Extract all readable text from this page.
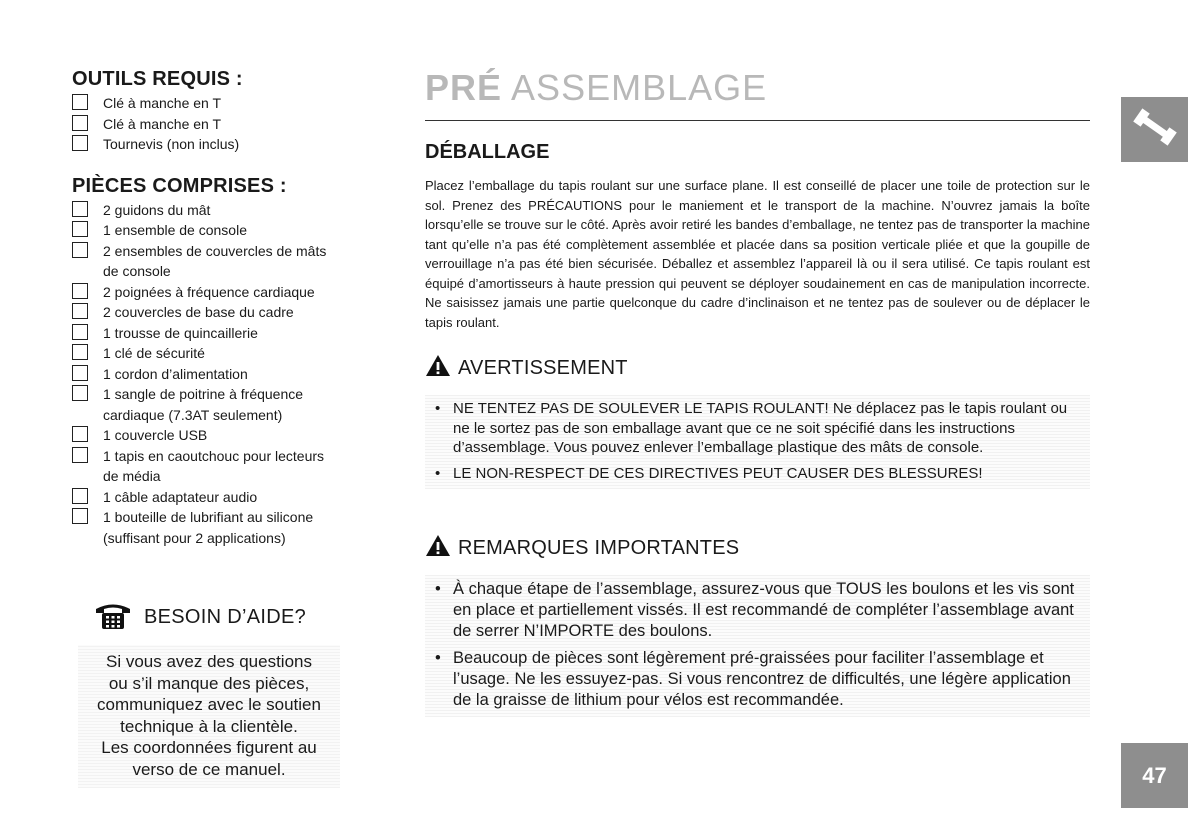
OUTILS REQUIS :
Clé à manche en T
Clé à manche en T
Tournevis (non inclus)
PIÈCES COMPRISES :
2 guidons du mât
1 ensemble de console
2 ensembles de couvercles de mâts
de console
2 poignées à fréquence cardiaque
2 couvercles de base du cadre
1 trousse de quincaillerie
1 clé de sécurité
1 cordon d’alimentation
1 sangle de poitrine à fréquence
cardiaque (7.3AT seulement)
1 couvercle USB
1 tapis en caoutchouc pour lecteurs
de média
1 câble adaptateur audio
1 bouteille de lubrifiant au silicone
(suffisant pour 2 applications)
BESOIN D’AIDE?
Si vous avez des questions
ou s’il manque des pièces,
communiquez avec le soutien
technique à la clientèle.
Les coordonnées figurent au
verso de ce manuel.
PRÉ ASSEMBLAGE
DÉBALLAGE
Placez l’emballage du tapis roulant sur une surface plane. Il est conseillé de placer une toile de protection sur le sol. Prenez des PRÉCAUTIONS pour le maniement et le transport de la machine. N’ouvrez jamais la boîte lorsqu’elle se trouve sur le côté. Après avoir retiré les bandes d’emballage, ne tentez pas de transporter la machine tant qu’elle n’a pas été complètement assemblée et placée dans sa position verticale pliée et que la goupille de verrouillage n’a pas été bien sécurisée. Déballez et assemblez l’appareil là ou il sera utilisé. Ce tapis roulant est équipé d’amortisseurs à haute pression qui peuvent se déployer soudainement en cas de manipulation incorrecte. Ne saisissez jamais une partie quelconque du cadre d’inclinaison et ne tentez pas de soulever ou de déplacer le tapis roulant.
AVERTISSEMENT
• NE TENTEZ PAS DE SOULEVER LE TAPIS ROULANT! Ne déplacez pas le tapis roulant ou ne le sortez pas de son emballage avant que ce ne soit spécifié dans les instructions d’assemblage. Vous pouvez enlever l’emballage plastique des mâts de console.
• LE NON-RESPECT DE CES DIRECTIVES PEUT CAUSER DES BLESSURES!
REMARQUES IMPORTANTES
• À chaque étape de l’assemblage, assurez-vous que TOUS les boulons et les vis sont en place et partiellement vissés. Il est recommandé de compléter l’assemblage avant de serrer N’IMPORTE des boulons.
• Beaucoup de pièces sont légèrement pré-graissées pour faciliter l’assemblage et l’usage. Ne les essuyez-pas. Si vous rencontrez de difficultés, une légère application de la graisse de lithium pour vélos est recommandée.
47
